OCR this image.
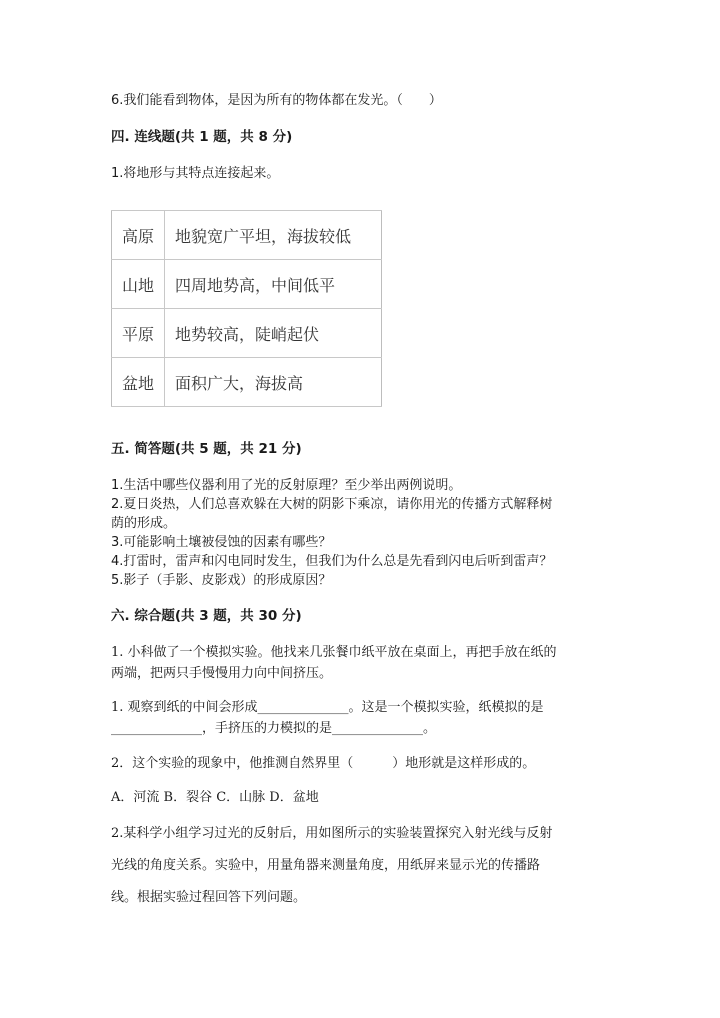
6.我们能看到物体，是因为所有的物体都在发光。（　　）
四. 连线题(共 1 题，共 8 分)
1.将地形与其特点连接起来。
高原	地貌宽广平坦，海拔较低
山地	四周地势高，中间低平
平原	地势较高，陡峭起伏
盆地	面积广大，海拔高
五. 简答题(共 5 题，共 21 分)
1.生活中哪些仪器利用了光的反射原理？至少举出两例说明。
2.夏日炎热，人们总喜欢躲在大树的阴影下乘凉，请你用光的传播方式解释树
荫的形成。
3.可能影响土壤被侵蚀的因素有哪些？
4.打雷时，雷声和闪电同时发生，但我们为什么总是先看到闪电后听到雷声？
5.影子（手影、皮影戏）的形成原因？
六. 综合题(共 3 题，共 30 分)
1. 小科做了一个模拟实验。他找来几张餐巾纸平放在桌面上，再把手放在纸的
两端，把两只手慢慢用力向中间挤压。
1. 观察到纸的中间会形成______________。这是一个模拟实验，纸模拟的是
______________，手挤压的力模拟的是______________。
2．这个实验的现象中，他推测自然界里（　　　）地形就是这样形成的。
A．河流 B．裂谷 C．山脉 D．盆地
2.某科学小组学习过光的反射后，用如图所示的实验装置探究入射光线与反射
光线的角度关系。实验中，用量角器来测量角度，用纸屏来显示光的传播路
线。根据实验过程回答下列问题。
